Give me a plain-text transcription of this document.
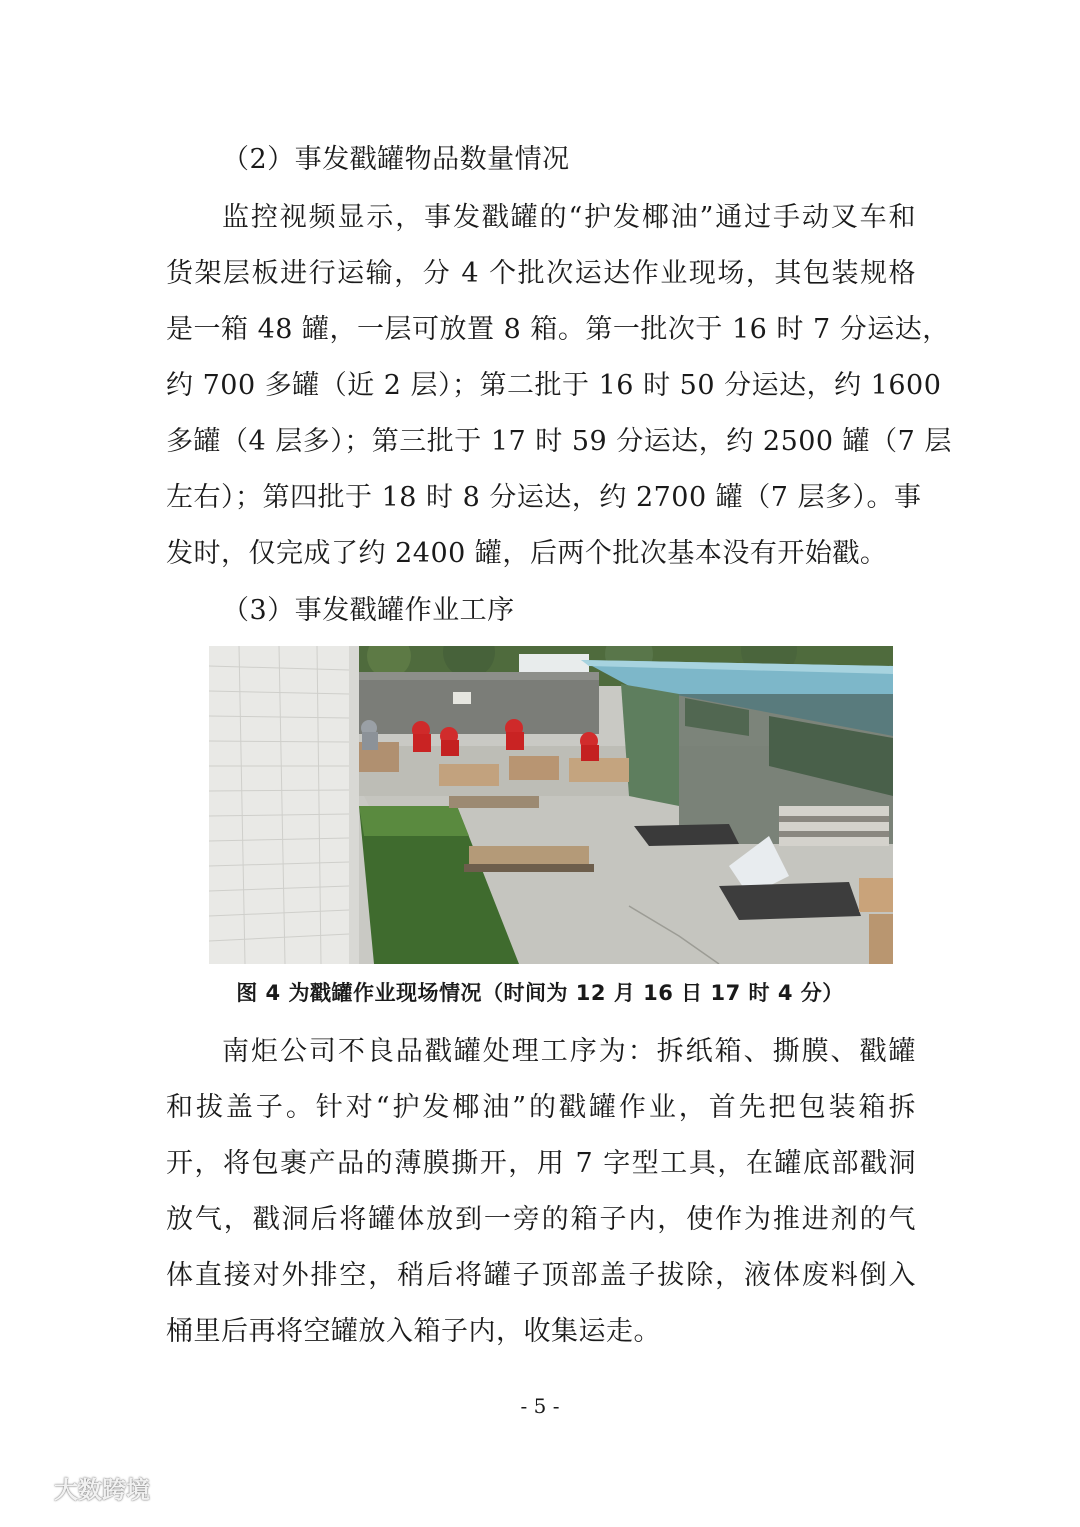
（2）事发戳罐物品数量情况
监控视频显示，事发戳罐的“护发椰油”通过手动叉车和
货架层板进行运输，分 4 个批次运达作业现场，其包装规格
是一箱 48 罐，一层可放置 8 箱。第一批次于 16 时 7 分运达，
约 700 多罐（近 2 层）；第二批于 16 时 50 分运达，约 1600
多罐（4 层多）；第三批于 17 时 59 分运达，约 2500 罐（7 层
左右）；第四批于 18 时 8 分运达，约 2700 罐（7 层多）。事
发时，仅完成了约 2400 罐，后两个批次基本没有开始戳。
（3）事发戳罐作业工序
图 4 为戳罐作业现场情况（时间为 12 月 16 日 17 时 4 分）
南炬公司不良品戳罐处理工序为：拆纸箱、撕膜、戳罐
和拔盖子。针对“护发椰油”的戳罐作业，首先把包装箱拆
开，将包裹产品的薄膜撕开，用 7 字型工具，在罐底部戳洞
放气，戳洞后将罐体放到一旁的箱子内，使作为推进剂的气
体直接对外排空，稍后将罐子顶部盖子拔除，液体废料倒入
桶里后再将空罐放入箱子内，收集运走。
- 5 -
大数跨境
